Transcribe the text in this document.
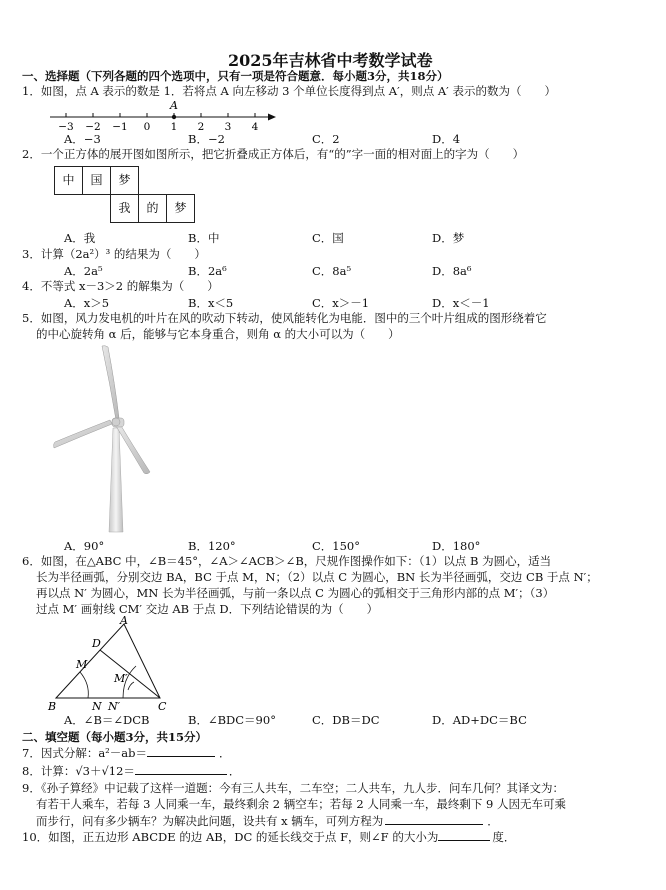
2025年吉林省中考数学试卷
一、选择题（下列各题的四个选项中，只有一项是符合题意．每小题3分，共18分）
1．如图，点 A 表示的数是 1．若将点 A 向左移动 3 个单位长度得到点 A′，则点 A′ 表示的数为（　　）
−3 −2 −1 0 1 2 3 4
A
A．−3	B．−2	C．2	D．4
2．一个正方体的展开图如图所示，把它折叠成正方体后，有“的”字一面的相对面上的字为（　　）
中	国	梦
我	的	梦
A．我	B．中	C．国	D．梦
3．计算（2a²）³ 的结果为（　　）
A．2a⁵	B．2a⁶	C．8a⁵	D．8a⁶
4．不等式 x－3＞2 的解集为（　　）
A．x＞5	B．x＜5	C．x＞－1	D．x＜－1
5．如图，风力发电机的叶片在风的吹动下转动，使风能转化为电能．图中的三个叶片组成的图形绕着它
的中心旋转角 α 后，能够与它本身重合，则角 α 的大小可以为（　　）
A．90°	B．120°	C．150°	D．180°
6．如图，在△ABC 中，∠B＝45°，∠A＞∠ACB＞∠B，尺规作图操作如下：（1）以点 B 为圆心，适当
长为半径画弧，分别交边 BA，BC 于点 M，N；（2）以点 C 为圆心，BN 长为半径画弧，交边 CB 于点 N′；
再以点 N′ 为圆心，MN 长为半径画弧，与前一条以点 C 为圆心的弧相交于三角形内部的点 M′；（3）
过点 M′ 画射线 CM′ 交边 AB 于点 D．下列结论错误的为（　　）
A
D
M
M′
B	N N′	C
A．∠B＝∠DCB	B．∠BDC＝90°	C．DB＝DC	D．AD+DC＝BC
二、填空题（每小题3分，共15分）
7．因式分解：a²－ab＝	．
8．计算：√3＋√12＝	．
9．《孙子算经》中记载了这样一道题：今有三人共车，二车空；二人共车，九人步．问车几何？其译文为：
有若干人乘车，若每 3 人同乘一车，最终剩余 2 辆空车；若每 2 人同乘一车，最终剩下 9 人因无车可乘
而步行，问有多少辆车？为解决此问题，设共有 x 辆车，可列方程为	．
10．如图，正五边形 ABCDE 的边 AB，DC 的延长线交于点 F，则∠F 的大小为	度．
